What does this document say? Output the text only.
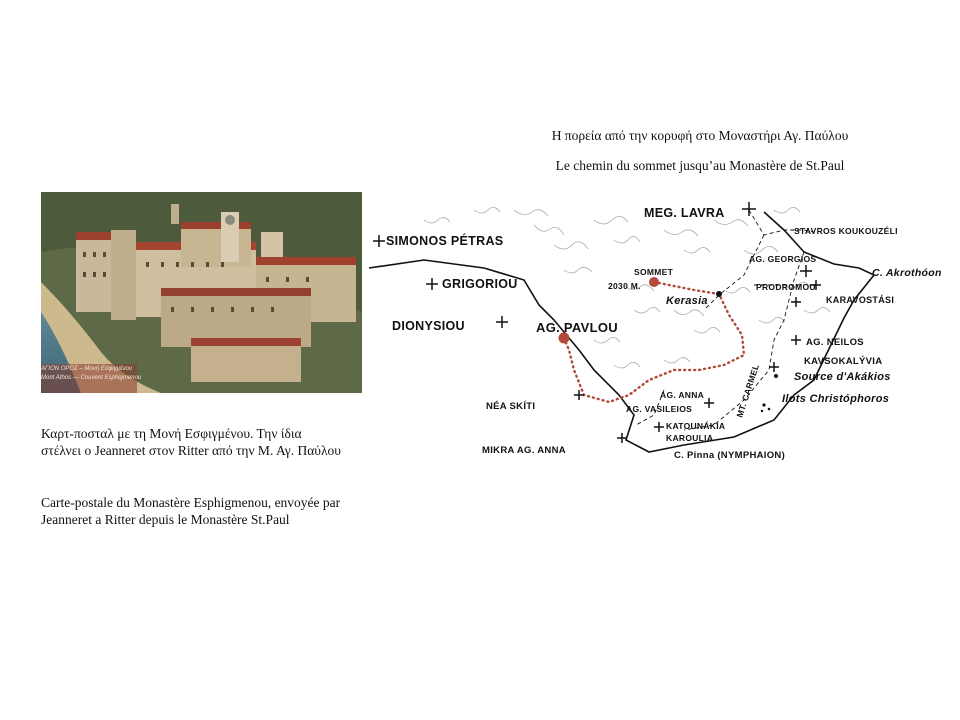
Η πορεία από την κορυφή στο Μοναστήρι Αγ. Παύλου
Le chemin du sommet jusqu’au Monastère de St.Paul
ΑΓΙΟΝ ΟΡΟΣ – Μονή Εσφιγμένου
Mont Athos — Couvent Esphigmenou
Καρτ-ποσταλ με τη Μονή Εσφιγμένου. Την ίδια στέλνει ο Jeanneret στον Ritter από την Μ. Αγ. Παύλου
Carte-postale du Monastère Esphigmenou, envoyée par Jeanneret a Ritter depuis le Monastère St.Paul
MEG. LAVRA
SIMONOS PÉTRAS
GRIGORIOU
DIONYSIOU	AG. PAVLOU
SOMMET
2030 M.
Kerasia
STAVROS KOUKOUZÉLI
AG. GEORGIOS
C. Akrothóon
PRODROMOU
KARAVOSTÁSI
AG. NEILOS
KAVSOKALÝVIA
Source d'Akákios
Ilots Christóphoros
NÉA SKÍTI
AG. ANNA
AG. VASILEIOS	MT. CARMEL
KATOUNÁKIA
KAROULIA
MIKRA AG. ANNA	C. Pinna (NYMPHAION)
